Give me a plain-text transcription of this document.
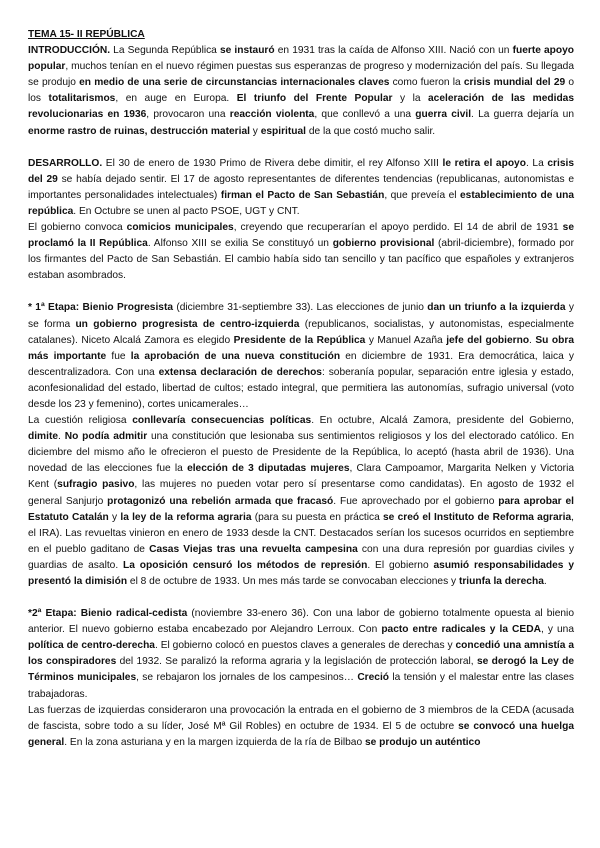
TEMA 15- II REPÚBLICA

INTRODUCCIÓN. La Segunda República se instauró en 1931 tras la caída de Alfonso XIII. Nació con un fuerte apoyo popular, muchos tenían en el nuevo régimen puestas sus esperanzas de progreso y modernización del país. Su llegada se produjo en medio de una serie de circunstancias internacionales claves como fueron la crisis mundial del 29 o los totalitarismos, en auge en Europa. El triunfo del Frente Popular y la aceleración de las medidas revolucionarias en 1936, provocaron una reacción violenta, que conllevó a una guerra civil. La guerra dejaría un enorme rastro de ruinas, destrucción material y espiritual de la que costó mucho salir.

DESARROLLO. El 30 de enero de 1930 Primo de Rivera debe dimitir, el rey Alfonso XIII le retira el apoyo. La crisis del 29 se había dejado sentir. El 17 de agosto representantes de diferentes tendencias (republicanas, autonomistas e importantes personalidades intelectuales) firman el Pacto de San Sebastián, que preveía el establecimiento de una república. En Octubre se unen al pacto PSOE, UGT y CNT.

El gobierno convoca comicios municipales, creyendo que recuperarían el apoyo perdido. El 14 de abril de 1931 se proclamó la II República. Alfonso XIII se exilia Se constituyó un gobierno provisional (abril-diciembre), formado por los firmantes del Pacto de San Sebastián. El cambio había sido tan sencillo y tan pacífico que españoles y extranjeros estaban asombrados.

* 1ª Etapa: Bienio Progresista (diciembre 31-septiembre 33). Las elecciones de junio dan un triunfo a la izquierda y se forma un gobierno progresista de centro-izquierda (republicanos, socialistas, y autonomistas, especialmente catalanes). Niceto Alcalá Zamora es elegido Presidente de la República y Manuel Azaña jefe del gobierno. Su obra más importante fue la aprobación de una nueva constitución en diciembre de 1931. Era democrática, laica y descentralizadora. Con una extensa declaración de derechos: soberanía popular, separación entre iglesia y estado, aconfesionalidad del estado, libertad de cultos; estado integral, que permitiera las autonomías, sufragio universal (voto desde los 23 y femenino), cortes unicamerales…

La cuestión religiosa conllevaría consecuencias políticas. En octubre, Alcalá Zamora, presidente del Gobierno, dimite. No podía admitir una constitución que lesionaba sus sentimientos religiosos y los del electorado católico. En diciembre del mismo año le ofrecieron el puesto de Presidente de la República, lo aceptó (hasta abril de 1936). Una novedad de las elecciones fue la elección de 3 diputadas mujeres, Clara Campoamor, Margarita Nelken y Victoria Kent (sufragio pasivo, las mujeres no pueden votar pero sí presentarse como candidatas). En agosto de 1932 el general Sanjurjo protagonizó una rebelión armada que fracasó. Fue aprovechado por el gobierno para aprobar el Estatuto Catalán y la ley de la reforma agraria (para su puesta en práctica se creó el Instituto de Reforma agraria, el IRA). Las revueltas vinieron en enero de 1933 desde la CNT. Destacados serían los sucesos ocurridos en septiembre en el pueblo gaditano de Casas Viejas tras una revuelta campesina con una dura represión por guardias civiles y guardias de asalto. La oposición censuró los métodos de represión. El gobierno asumió responsabilidades y presentó la dimisión el 8 de octubre de 1933. Un mes más tarde se convocaban elecciones y triunfa la derecha.

*2ª Etapa: Bienio radical-cedista (noviembre 33-enero 36). Con una labor de gobierno totalmente opuesta al bienio anterior. El nuevo gobierno estaba encabezado por Alejandro Lerroux. Con pacto entre radicales y la CEDA, y una política de centro-derecha. El gobierno colocó en puestos claves a generales de derechas y concedió una amnistía a los conspiradores del 1932. Se paralizó la reforma agraria y la legislación de protección laboral, se derogó la Ley de Términos municipales, se rebajaron los jornales de los campesinos… Creció la tensión y el malestar entre las clases trabajadoras.

Las fuerzas de izquierdas consideraron una provocación la entrada en el gobierno de 3 miembros de la CEDA (acusada de fascista, sobre todo a su líder, José Mª Gil Robles) en octubre de 1934. El 5 de octubre se convocó una huelga general. En la zona asturiana y en la margen izquierda de la ría de Bilbao se produjo un auténtico
